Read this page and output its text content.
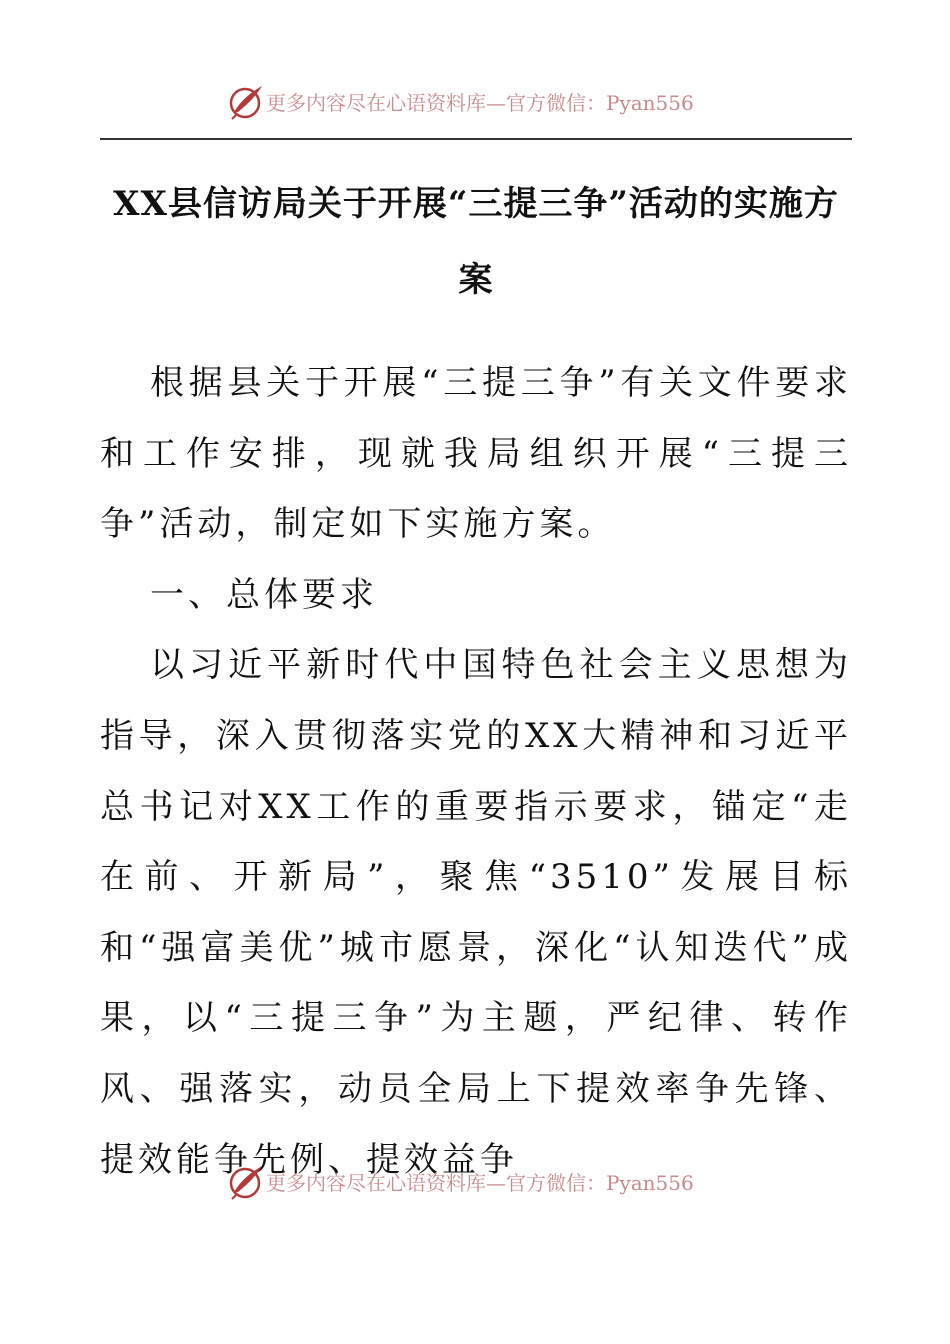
更多内容尽在心语资料库—官方微信：Pyan556
XX县信访局关于开展“三提三争”活动的实施方案

根据县关于开展“三提三争”有关文件要求和工作安排，现就我局组织开展“三提三争”活动，制定如下实施方案。

一、总体要求

以习近平新时代中国特色社会主义思想为指导，深入贯彻落实党的XX大精神和习近平总书记对XX工作的重要指示要求，锚定“走在前、开新局”，聚焦“3510”发展目标和“强富美优”城市愿景，深化“认知迭代”成果，以“三提三争”为主题，严纪律、转作风、强落实，动员全局上下提效率争先锋、提效能争先例、提效益争

更多内容尽在心语资料库—官方微信：Pyan556
